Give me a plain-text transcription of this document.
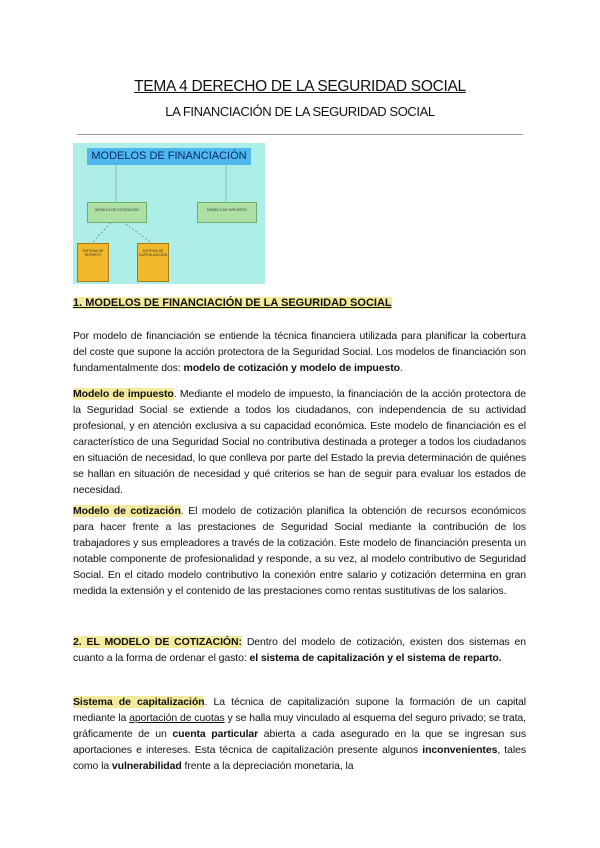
TEMA 4 DERECHO DE LA SEGURIDAD SOCIAL
LA FINANCIACIÓN DE LA SEGURIDAD SOCIAL
MODELOS DE FINANCIACIÓN
MODELO DE COTIZACIÓN	MODELO DE IMPUESTO
SISTEMA DE REPARTO
SISTEMA DE CAPITALIZACIÓN
1. MODELOS DE FINANCIACIÓN DE LA SEGURIDAD SOCIAL
Por modelo de financiación se entiende la técnica financiera utilizada para planificar la cobertura del coste que supone la acción protectora de la Seguridad Social. Los modelos de financiación son fundamentalmente dos: modelo de cotización y modelo de impuesto.
Modelo de impuesto. Mediante el modelo de impuesto, la financiación de la acción protectora de la Seguridad Social se extiende a todos los ciudadanos, con independencia de su actividad profesional, y en atención exclusiva a su capacidad económica. Este modelo de financiación es el característico de una Seguridad Social no contributiva destinada a proteger a todos los ciudadanos en situación de necesidad, lo que conlleva por parte del Estado la previa determinación de quiénes se hallan en situación de necesidad y qué criterios se han de seguir para evaluar los estados de necesidad.
Modelo de cotización. El modelo de cotización planifica la obtención de recursos económicos para hacer frente a las prestaciones de Seguridad Social mediante la contribución de los trabajadores y sus empleadores a través de la cotización. Este modelo de financiación presenta un notable componente de profesionalidad y responde, a su vez, al modelo contributivo de Seguridad Social. En el citado modelo contributivo la conexión entre salario y cotización determina en gran medida la extensión y el contenido de las prestaciones como rentas sustitutivas de los salarios.
2. EL MODELO DE COTIZACIÓN: Dentro del modelo de cotización, existen dos sistemas en cuanto a la forma de ordenar el gasto: el sistema de capitalización y el sistema de reparto.
Sistema de capitalización. La técnica de capitalización supone la formación de un capital mediante la aportación de cuotas y se halla muy vinculado al esquema del seguro privado; se trata, gráficamente de un cuenta particular abierta a cada asegurado en la que se ingresan sus aportaciones e intereses. Esta técnica de capitalización presente algunos inconvenientes, tales como la vulnerabilidad frente a la depreciación monetaria, la
